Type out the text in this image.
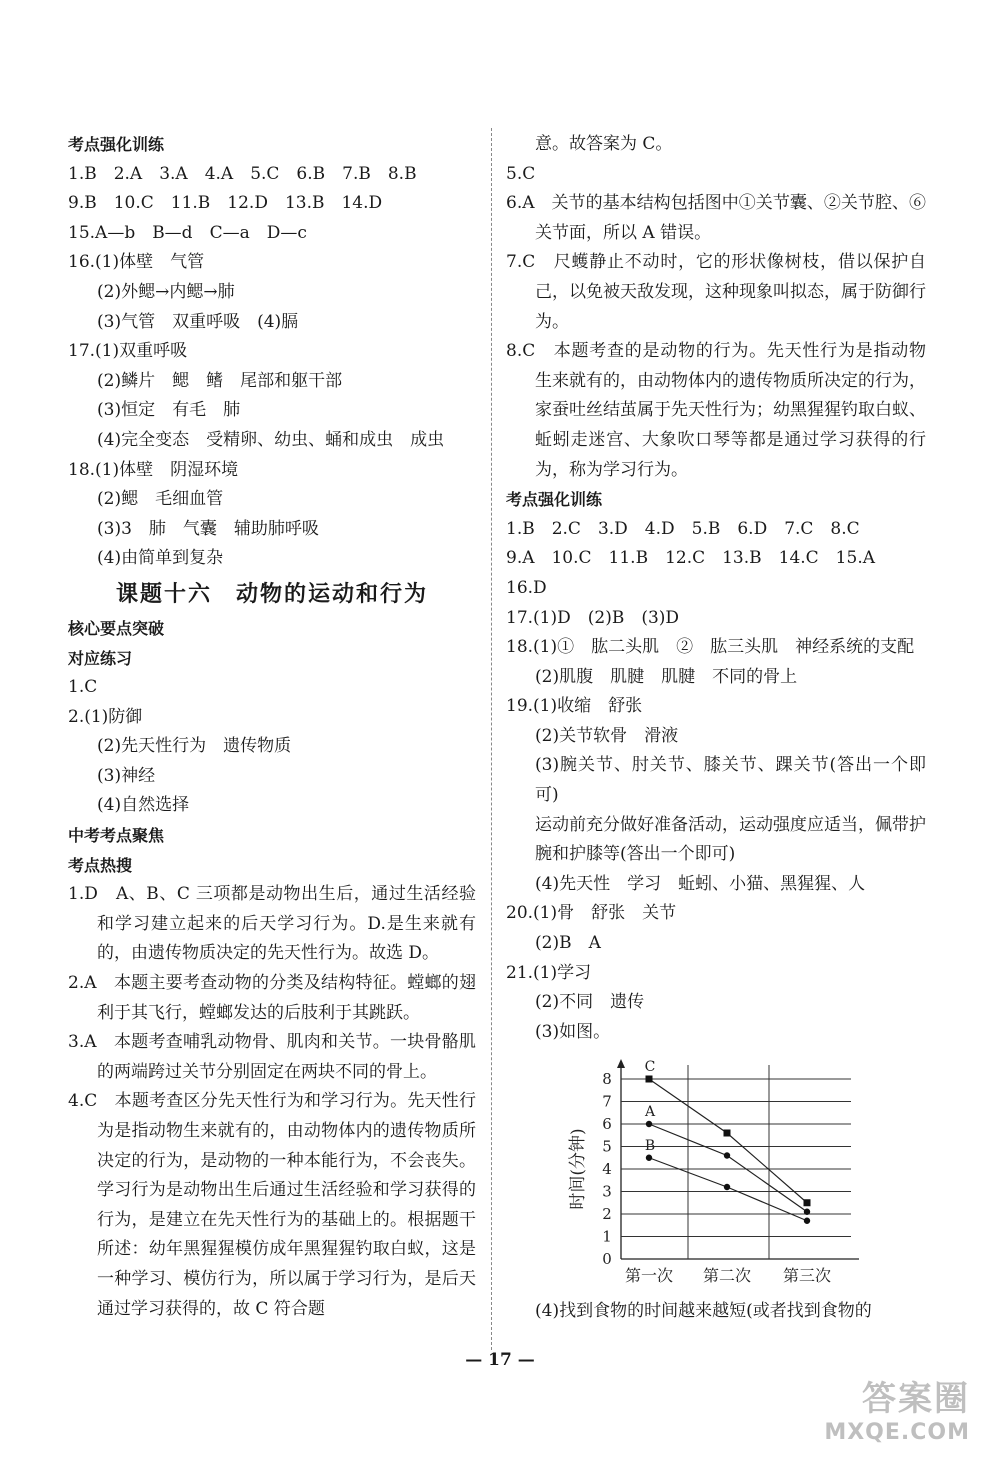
考点强化训练
1.B　2.A　3.A　4.A　5.C　6.B　7.B　8.B
9.B　10.C　11.B　12.D　13.B　14.D
15.A—b　B—d　C—a　D—c
16.(1)体壁　气管
(2)外鳃→内鳃→肺
(3)气管　双重呼吸　(4)膈
17.(1)双重呼吸
(2)鳞片　鳃　鳍　尾部和躯干部
(3)恒定　有毛　肺
(4)完全变态　受精卵、幼虫、蛹和成虫　成虫
18.(1)体壁　阴湿环境
(2)鳃　毛细血管
(3)3　肺　气囊　辅助肺呼吸
(4)由简单到复杂
课题十六　动物的运动和行为
核心要点突破
对应练习
1.C
2.(1)防御
(2)先天性行为　遗传物质
(3)神经
(4)自然选择
中考考点聚焦
考点热搜
1.D　A、B、C 三项都是动物出生后，通过生活经验和学习建立起来的后天学习行为。D.是生来就有的，由遗传物质决定的先天性行为。故选 D。
2.A　本题主要考查动物的分类及结构特征。螳螂的翅利于其飞行，螳螂发达的后肢利于其跳跃。
3.A　本题考查哺乳动物骨、肌肉和关节。一块骨骼肌的两端跨过关节分别固定在两块不同的骨上。
4.C　本题考查区分先天性行为和学习行为。先天性行为是指动物生来就有的，由动物体内的遗传物质所决定的行为，是动物的一种本能行为，不会丧失。学习行为是动物出生后通过生活经验和学习获得的行为，是建立在先天性行为的基础上的。根据题干所述：幼年黑猩猩模仿成年黑猩猩钓取白蚁，这是一种学习、模仿行为，所以属于学习行为，是后天通过学习获得的，故 C 符合题
意。故答案为 C。
5.C
6.A　关节的基本结构包括图中①关节囊、②关节腔、⑥关节面，所以 A 错误。
7.C　尺蠖静止不动时，它的形状像树枝，借以保护自己，以免被天敌发现，这种现象叫拟态，属于防御行为。
8.C　本题考查的是动物的行为。先天性行为是指动物生来就有的，由动物体内的遗传物质所决定的行为，家蚕吐丝结茧属于先天性行为；幼黑猩猩钓取白蚁、蚯蚓走迷宫、大象吹口琴等都是通过学习获得的行为，称为学习行为。
考点强化训练
1.B　2.C　3.D　4.D　5.B　6.D　7.C　8.C
9.A　10.C　11.B　12.C　13.B　14.C　15.A
16.D
17.(1)D　(2)B　(3)D
18.(1)①　肱二头肌　②　肱三头肌　神经系统的支配
(2)肌腹　肌腱　肌腱　不同的骨上
19.(1)收缩　舒张
(2)关节软骨　滑液
(3)腕关节、肘关节、膝关节、踝关节(答出一个即可)
运动前充分做好准备活动，运动强度应适当，佩带护腕和护膝等(答出一个即可)
(4)先天性　学习　蚯蚓、小猫、黑猩猩、人
20.(1)骨　舒张　关节
(2)B　A
21.(1)学习
(2)不同　遗传
(3)如图。
0
1
2
3
4
5
6
7
8
第一次 第二次 第三次
时间(分钟)
C
A
B
(4)找到食物的时间越来越短(或者找到食物的
— 17 —
答案圈
MXQE.COM
